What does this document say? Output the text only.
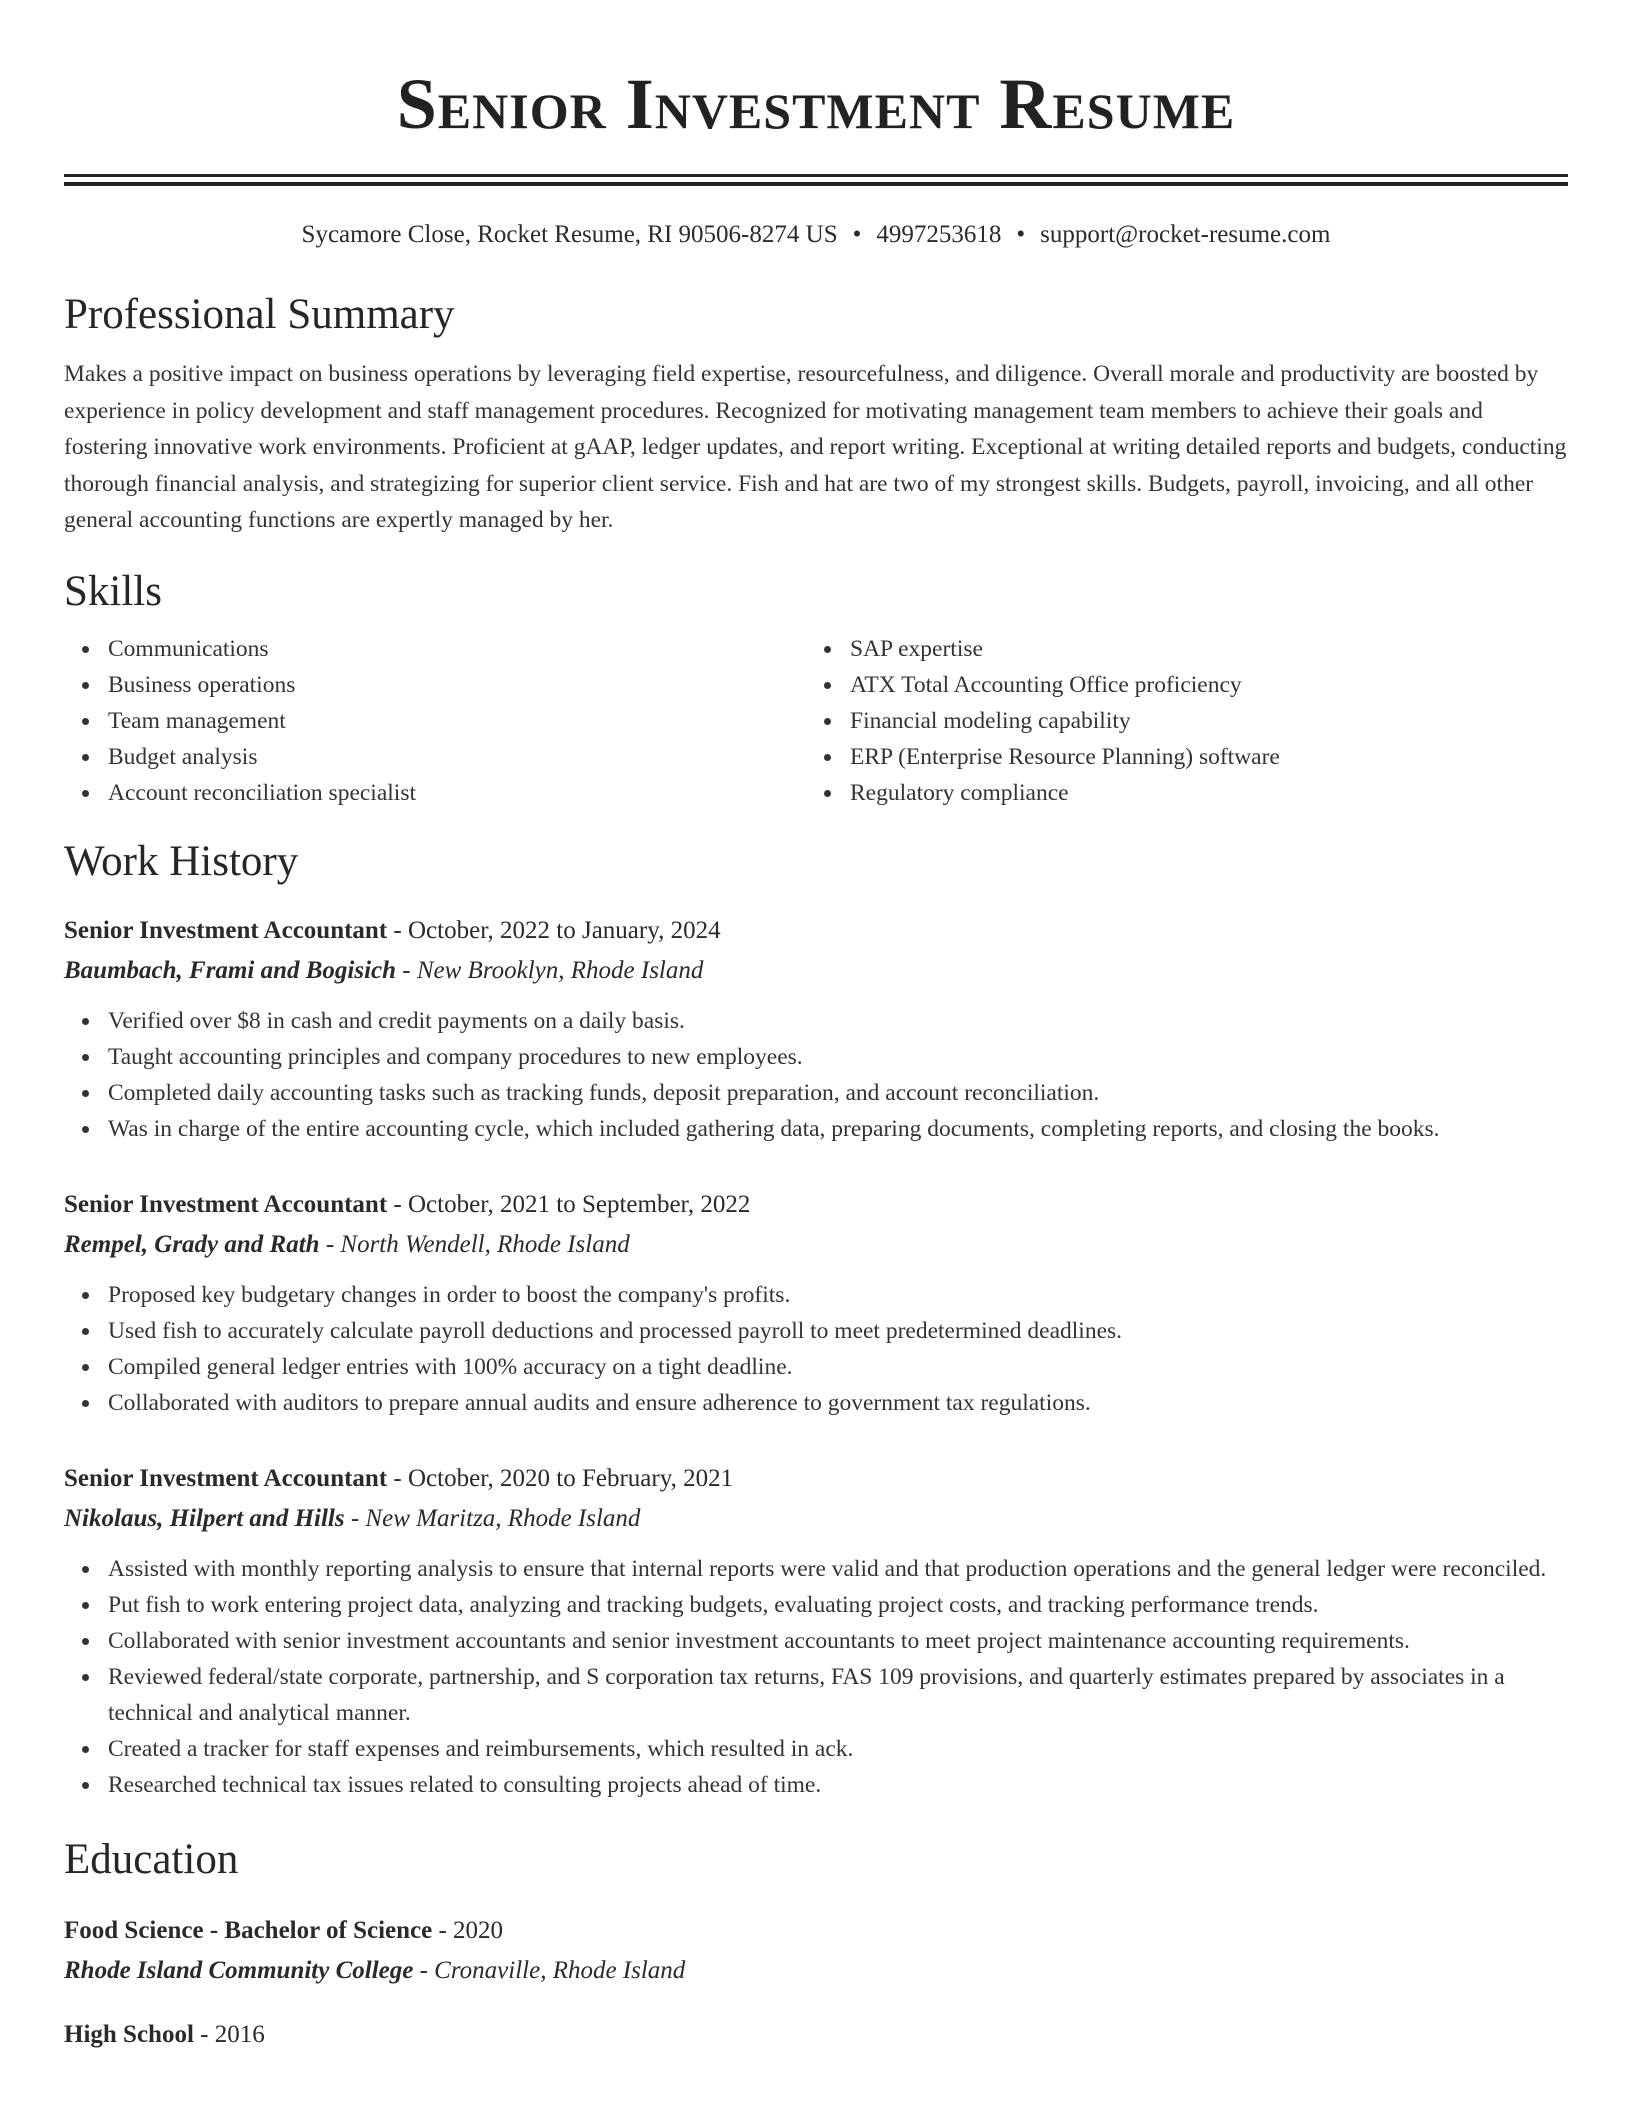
Senior Investment Resume
Sycamore Close, Rocket Resume, RI 90506-8274 US • 4997253618 • support@rocket-resume.com
Professional Summary

Makes a positive impact on business operations by leveraging field expertise, resourcefulness, and diligence. Overall morale and productivity are boosted by experience in policy development and staff management procedures. Recognized for motivating management team members to achieve their goals and fostering innovative work environments. Proficient at gAAP, ledger updates, and report writing. Exceptional at writing detailed reports and budgets, conducting thorough financial analysis, and strategizing for superior client service. Fish and hat are two of my strongest skills. Budgets, payroll, invoicing, and all other general accounting functions are expertly managed by her.

Skills
Communications
Business operations
Team management
Budget analysis
Account reconciliation specialist
SAP expertise
ATX Total Accounting Office proficiency
Financial modeling capability
ERP (Enterprise Resource Planning) software
Regulatory compliance
Work History
Senior Investment Accountant - October, 2022 to January, 2024
Baumbach, Frami and Bogisich - New Brooklyn, Rhode Island
Verified over $8 in cash and credit payments on a daily basis.
Taught accounting principles and company procedures to new employees.
Completed daily accounting tasks such as tracking funds, deposit preparation, and account reconciliation.
Was in charge of the entire accounting cycle, which included gathering data, preparing documents, completing reports, and closing the books.
Senior Investment Accountant - October, 2021 to September, 2022
Rempel, Grady and Rath - North Wendell, Rhode Island
Proposed key budgetary changes in order to boost the company's profits.
Used fish to accurately calculate payroll deductions and processed payroll to meet predetermined deadlines.
Compiled general ledger entries with 100% accuracy on a tight deadline.
Collaborated with auditors to prepare annual audits and ensure adherence to government tax regulations.
Senior Investment Accountant - October, 2020 to February, 2021
Nikolaus, Hilpert and Hills - New Maritza, Rhode Island
Assisted with monthly reporting analysis to ensure that internal reports were valid and that production operations and the general ledger were reconciled.
Put fish to work entering project data, analyzing and tracking budgets, evaluating project costs, and tracking performance trends.
Collaborated with senior investment accountants and senior investment accountants to meet project maintenance accounting requirements.
Reviewed federal/state corporate, partnership, and S corporation tax returns, FAS 109 provisions, and quarterly estimates prepared by associates in a technical and analytical manner.
Created a tracker for staff expenses and reimbursements, which resulted in ack.
Researched technical tax issues related to consulting projects ahead of time.
Education
Food Science - Bachelor of Science - 2020
Rhode Island Community College - Cronaville, Rhode Island
High School - 2016
